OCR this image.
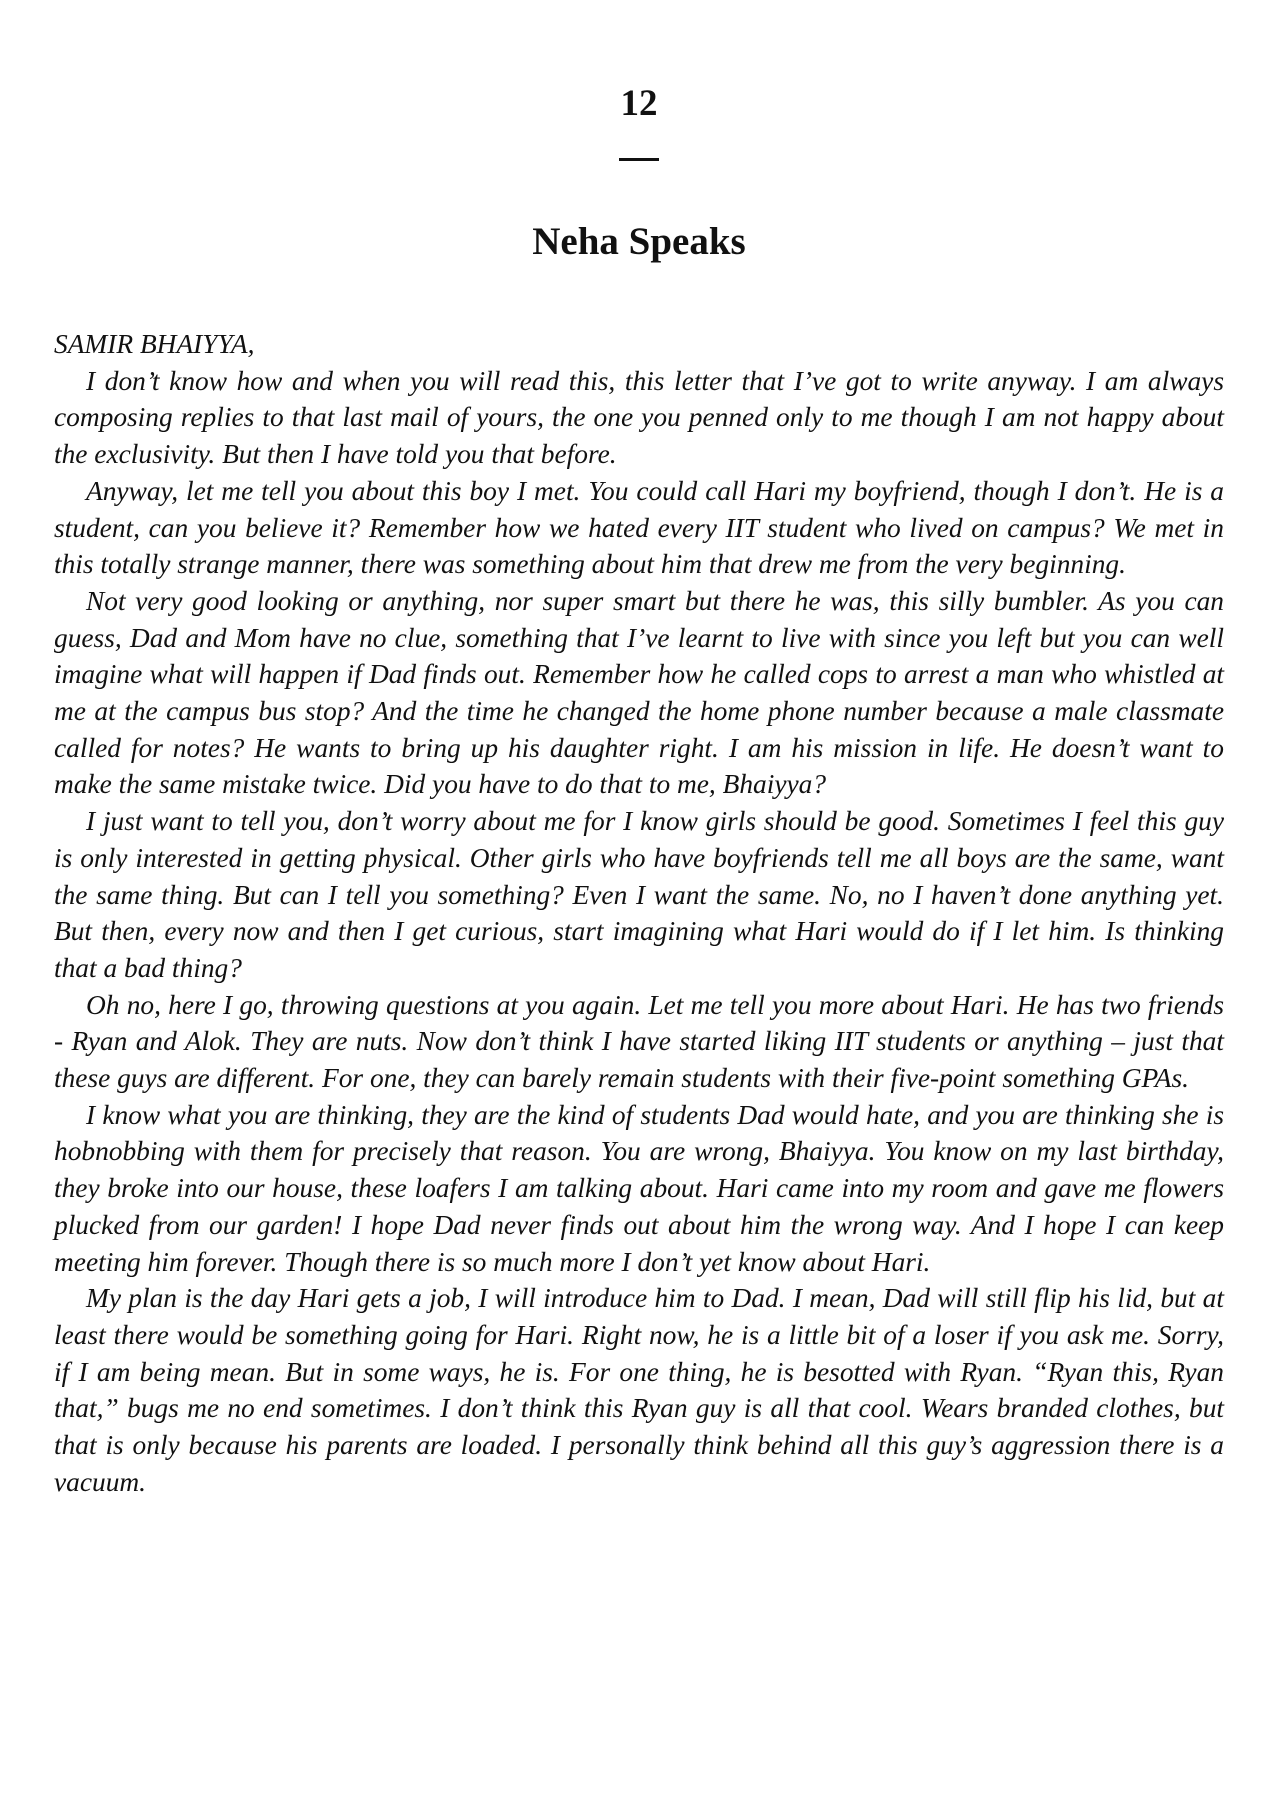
12
Neha Speaks

SAMIR BHAIYYA,

I don’t know how and when you will read this, this letter that I’ve got to write anyway. I am always composing replies to that last mail of yours, the one you penned only to me though I am not happy about the exclusivity. But then I have told you that before.

Anyway, let me tell you about this boy I met. You could call Hari my boyfriend, though I don’t. He is a student, can you believe it? Remember how we hated every IIT student who lived on campus? We met in this totally strange manner, there was something about him that drew me from the very beginning.

Not very good looking or anything, nor super smart but there he was, this silly bumbler. As you can guess, Dad and Mom have no clue, something that I’ve learnt to live with since you left but you can well imagine what will happen if Dad finds out. Remember how he called cops to arrest a man who whistled at me at the campus bus stop? And the time he changed the home phone number because a male classmate called for notes? He wants to bring up his daughter right. I am his mission in life. He doesn’t want to make the same mistake twice. Did you have to do that to me, Bhaiyya?

I just want to tell you, don’t worry about me for I know girls should be good. Sometimes I feel this guy is only interested in getting physical. Other girls who have boyfriends tell me all boys are the same, want the same thing. But can I tell you something? Even I want the same. No, no I haven’t done anything yet. But then, every now and then I get curious, start imagining what Hari would do if I let him. Is thinking that a bad thing?

Oh no, here I go, throwing questions at you again. Let me tell you more about Hari. He has two friends - Ryan and Alok. They are nuts. Now don’t think I have started liking IIT students or anything – just that these guys are different. For one, they can barely remain students with their five-point something GPAs.

I know what you are thinking, they are the kind of students Dad would hate, and you are thinking she is hobnobbing with them for precisely that reason. You are wrong, Bhaiyya. You know on my last birthday, they broke into our house, these loafers I am talking about. Hari came into my room and gave me flowers plucked from our garden! I hope Dad never finds out about him the wrong way. And I hope I can keep meeting him forever. Though there is so much more I don’t yet know about Hari.

My plan is the day Hari gets a job, I will introduce him to Dad. I mean, Dad will still flip his lid, but at least there would be something going for Hari. Right now, he is a little bit of a loser if you ask me. Sorry, if I am being mean. But in some ways, he is. For one thing, he is besotted with Ryan. “Ryan this, Ryan that,” bugs me no end sometimes. I don’t think this Ryan guy is all that cool. Wears branded clothes, but that is only because his parents are loaded. I personally think behind all this guy’s aggression there is a vacuum.
